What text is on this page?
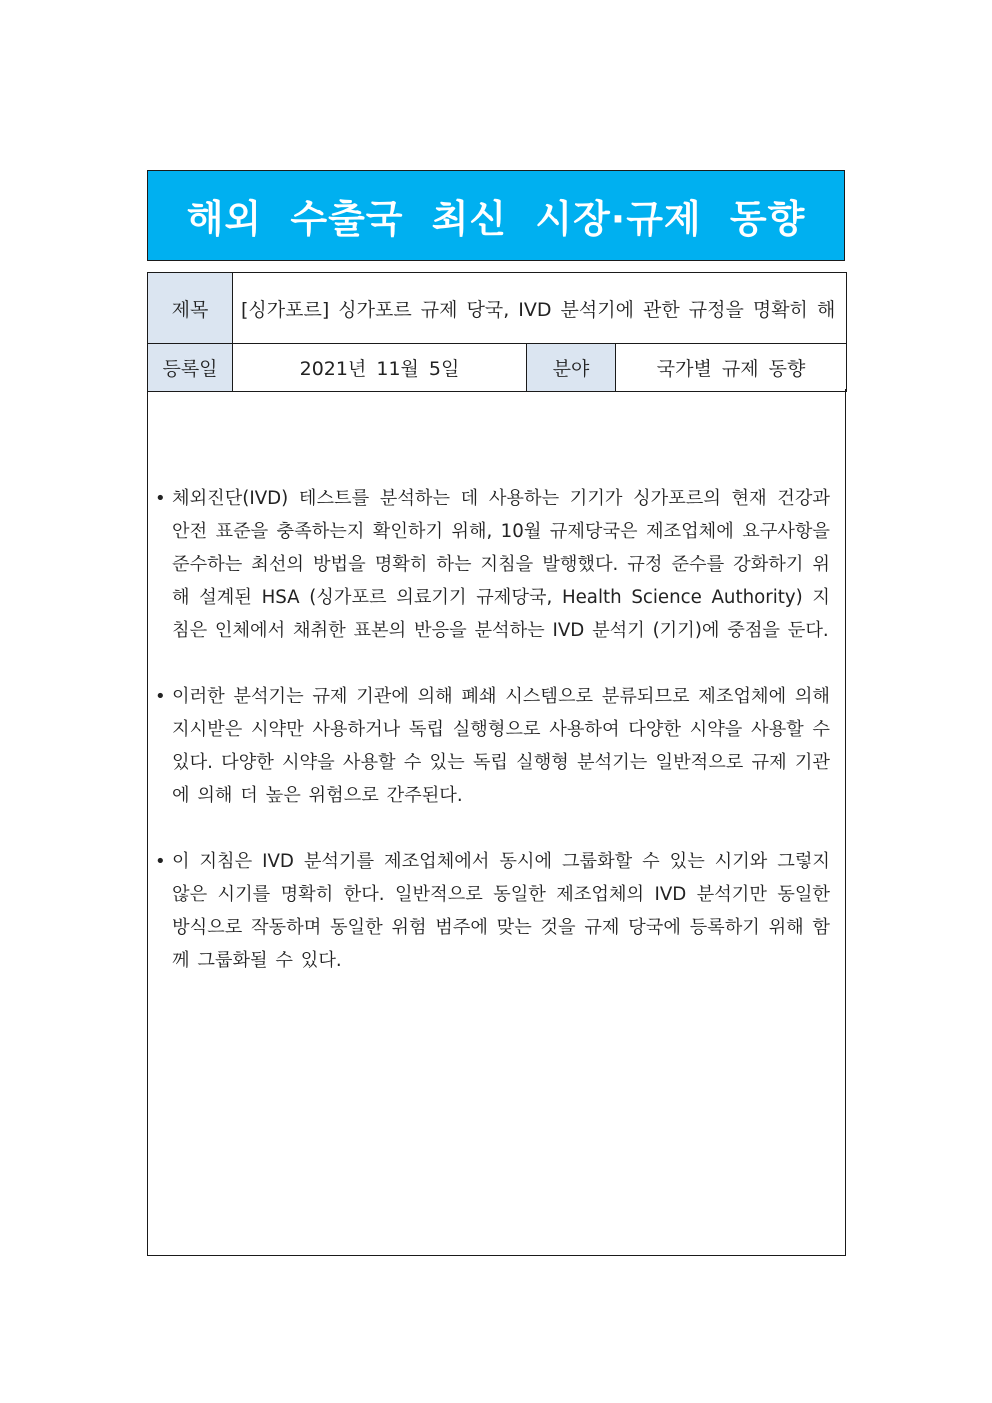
해외 수출국 최신 시장·규제 동향
제목	[싱가포르] 싱가포르 규제 당국, IVD 분석기에 관한 규정을 명확히 해		
등록일	2021년 11월 5일	분야	국가별 규제 동향
• 체외진단(IVD) 테스트를 분석하는 데 사용하는 기기가 싱가포르의 현재 건강과 안전 표준을 충족하는지 확인하기 위해, 10월 규제당국은 제조업체에 요구사항을 준수하는 최선의 방법을 명확히 하는 지침을 발행했다. 규정 준수를 강화하기 위해 설계된 HSA (싱가포르 의료기기 규제당국, Health Science Authority) 지침은 인체에서 채취한 표본의 반응을 분석하는 IVD 분석기 (기기)에 중점을 둔다.
• 이러한 분석기는 규제 기관에 의해 폐쇄 시스템으로 분류되므로 제조업체에 의해 지시받은 시약만 사용하거나 독립 실행형으로 사용하여 다양한 시약을 사용할 수 있다. 다양한 시약을 사용할 수 있는 독립 실행형 분석기는 일반적으로 규제 기관에 의해 더 높은 위험으로 간주된다.
• 이 지침은 IVD 분석기를 제조업체에서 동시에 그룹화할 수 있는 시기와 그렇지 않은 시기를 명확히 한다. 일반적으로 동일한 제조업체의 IVD 분석기만 동일한 방식으로 작동하며 동일한 위험 범주에 맞는 것을 규제 당국에 등록하기 위해 함께 그룹화될 수 있다.
